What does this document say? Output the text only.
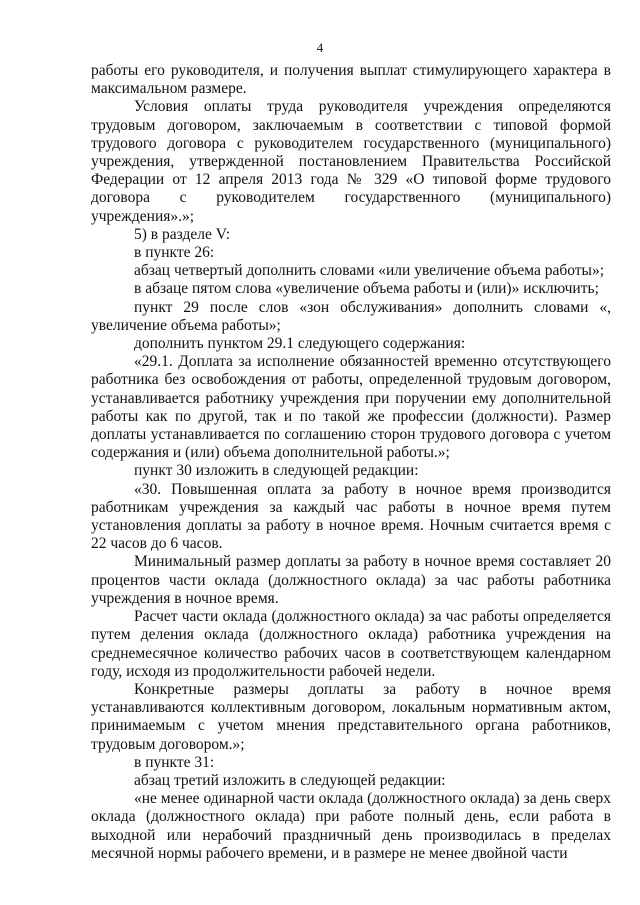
4

работы его руководителя, и получения выплат стимулирующего характера в максимальном размере.

Условия оплаты труда руководителя учреждения определяются трудовым договором, заключаемым в соответствии с типовой формой трудового договора с руководителем государственного (муниципального) учреждения, утвержденной постановлением Правительства Российской Федерации от 12 апреля 2013 года № 329 «О типовой форме трудового договора с руководителем государственного (муниципального) учреждения».»;

5) в разделе V:

в пункте 26:

абзац четвертый дополнить словами «или увеличение объема работы»;

в абзаце пятом слова «увеличение объема работы и (или)» исключить;

пункт 29 после слов «зон обслуживания» дополнить словами «, увеличение объема работы»;

дополнить пунктом 29.1 следующего содержания:

«29.1. Доплата за исполнение обязанностей временно отсутствующего работника без освобождения от работы, определенной трудовым договором, устанавливается работнику учреждения при поручении ему дополнительной работы как по другой, так и по такой же профессии (должности). Размер доплаты устанавливается по соглашению сторон трудового договора с учетом содержания и (или) объема дополнительной работы.»;

пункт 30 изложить в следующей редакции:

«30. Повышенная оплата за работу в ночное время производится работникам учреждения за каждый час работы в ночное время путем установления доплаты за работу в ночное время. Ночным считается время с 22 часов до 6 часов.

Минимальный размер доплаты за работу в ночное время составляет 20 процентов части оклада (должностного оклада) за час работы работника учреждения в ночное время.

Расчет части оклада (должностного оклада) за час работы определяется путем деления оклада (должностного оклада) работника учреждения на среднемесячное количество рабочих часов в соответствующем календарном году, исходя из продолжительности рабочей недели.

Конкретные размеры доплаты за работу в ночное время устанавливаются коллективным договором, локальным нормативным актом, принимаемым с учетом мнения представительного органа работников, трудовым договором.»;

в пункте 31:

абзац третий изложить в следующей редакции:

«не менее одинарной части оклада (должностного оклада) за день сверх оклада (должностного оклада) при работе полный день, если работа в выходной или нерабочий праздничный день производилась в пределах месячной нормы рабочего времени, и в размере не менее двойной части
